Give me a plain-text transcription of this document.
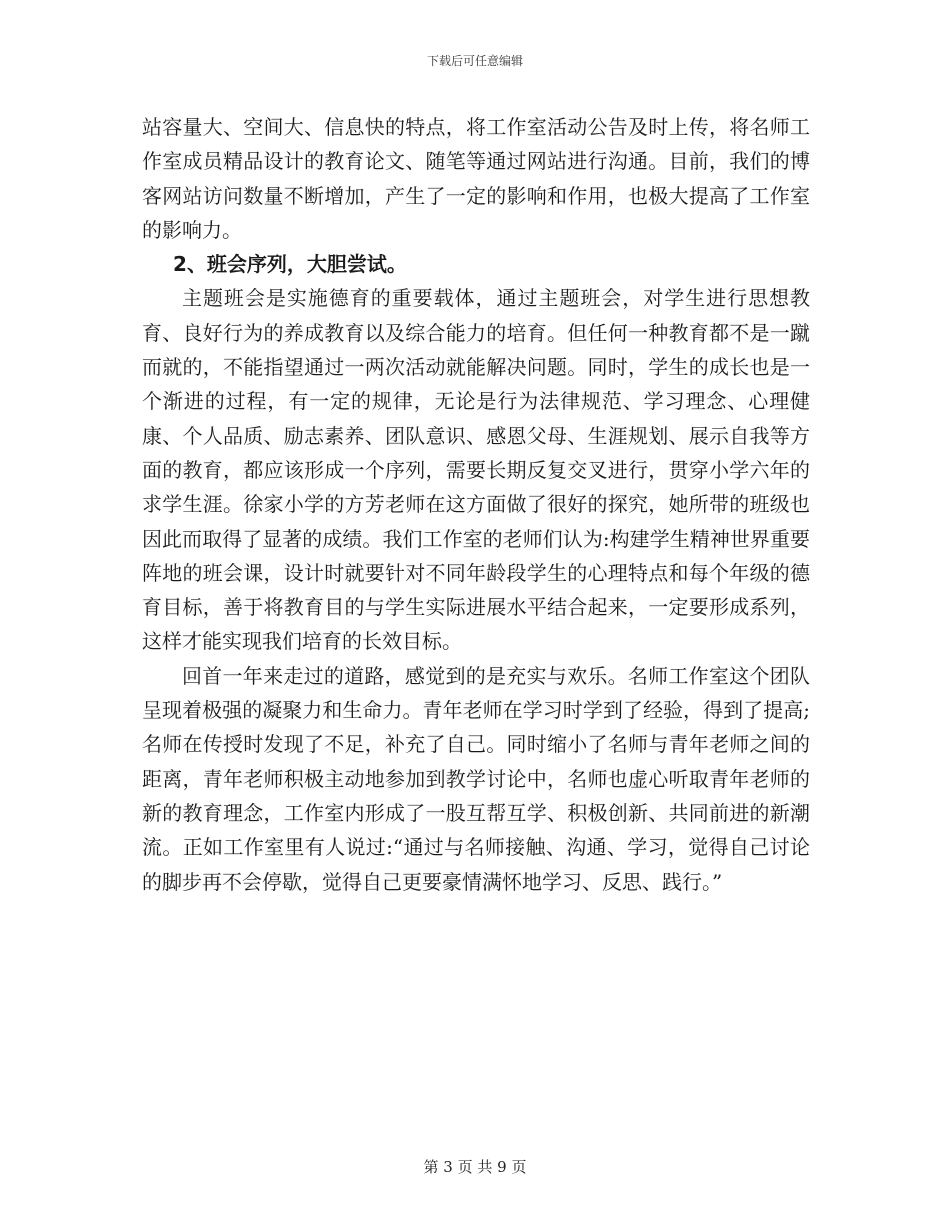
下载后可任意编辑

站容量大、空间大、信息快的特点，将工作室活动公告及时上传，将名师工作室成员精品设计的教育论文、随笔等通过网站进行沟通。目前，我们的博客网站访问数量不断增加，产生了一定的影响和作用，也极大提高了工作室的影响力。

2、班会序列，大胆尝试。

主题班会是实施德育的重要载体，通过主题班会，对学生进行思想教育、良好行为的养成教育以及综合能力的培育。但任何一种教育都不是一蹴而就的，不能指望通过一两次活动就能解决问题。同时，学生的成长也是一个渐进的过程，有一定的规律，无论是行为法律规范、学习理念、心理健康、个人品质、励志素养、团队意识、感恩父母、生涯规划、展示自我等方面的教育，都应该形成一个序列，需要长期反复交叉进行，贯穿小学六年的求学生涯。徐家小学的方芳老师在这方面做了很好的探究，她所带的班级也因此而取得了显著的成绩。我们工作室的老师们认为:构建学生精神世界重要阵地的班会课，设计时就要针对不同年龄段学生的心理特点和每个年级的德育目标，善于将教育目的与学生实际进展水平结合起来，一定要形成系列，这样才能实现我们培育的长效目标。

回首一年来走过的道路，感觉到的是充实与欢乐。名师工作室这个团队呈现着极强的凝聚力和生命力。青年老师在学习时学到了经验，得到了提高;名师在传授时发现了不足，补充了自己。同时缩小了名师与青年老师之间的距离，青年老师积极主动地参加到教学讨论中，名师也虚心听取青年老师的新的教育理念，工作室内形成了一股互帮互学、积极创新、共同前进的新潮流。正如工作室里有人说过:“通过与名师接触、沟通、学习，觉得自己讨论的脚步再不会停歇，觉得自己更要豪情满怀地学习、反思、践行。”

第 3 页 共 9 页
